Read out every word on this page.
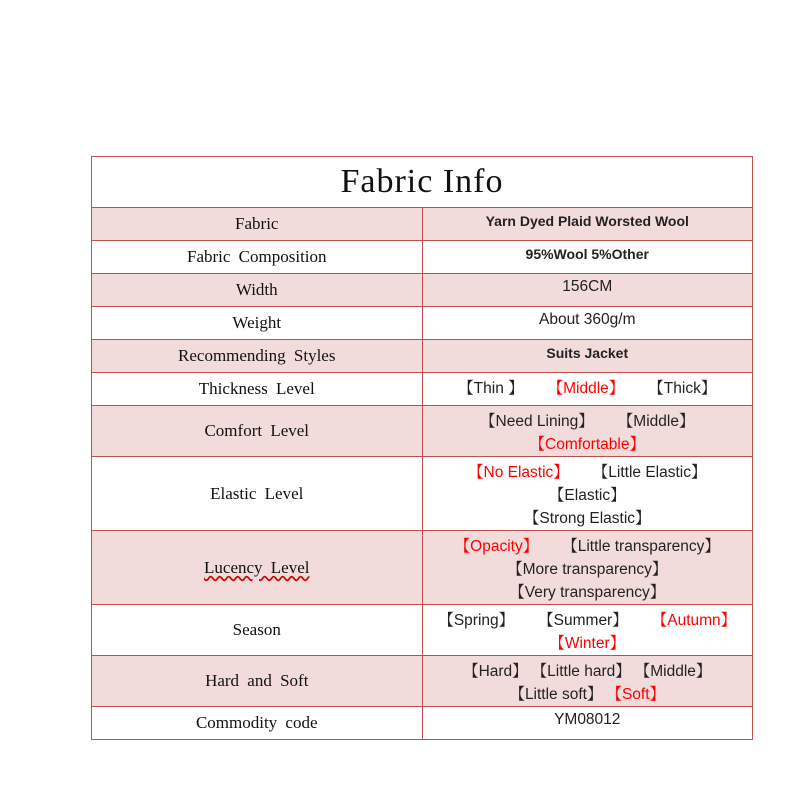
Fabric Info	
Fabric	Yarn Dyed Plaid Worsted Wool
Fabric Composition	95%Wool 5%Other
Width	156CM
Weight	About 360g/m
Recommending Styles	Suits Jacket
Thickness Level	【Thin 】 【Middle】 【Thick】
Comfort Level	【Need Lining】 【Middle】【Comfortable】
Elastic Level	【No Elastic】 【Little Elastic】【Elastic】
【Strong Elastic】

Lucency Level	【Opacity】 【Little transparency】
【More transparency】【Very transparency】

Season	【Spring】 【Summer】 【Autumn】【Winter】
Hard and Soft	【Hard】 【Little hard】 【Middle】【Little soft】 【Soft】
Commodity code	YM08012
